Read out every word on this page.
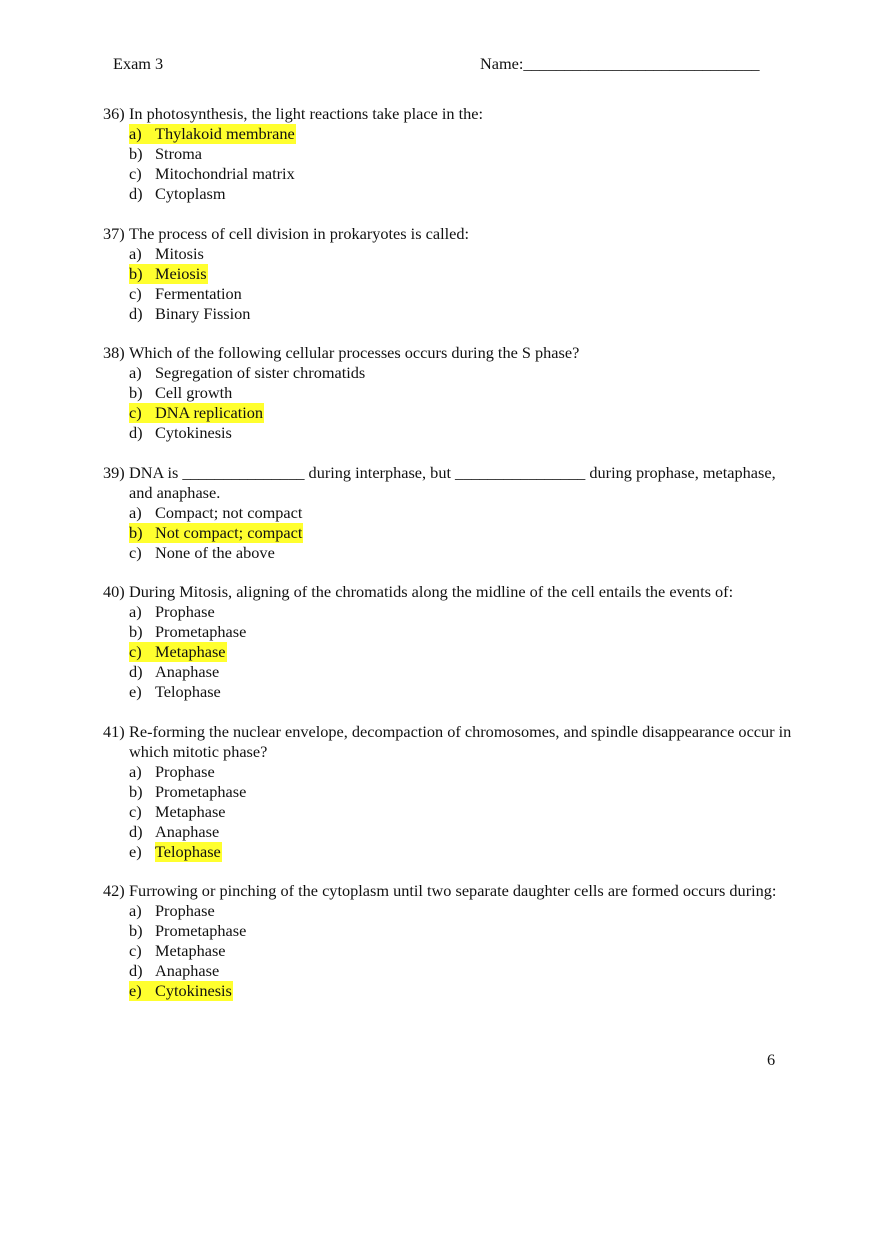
Exam 3	Name:_____________________________
36) In photosynthesis, the light reactions take place in the:
a) Thylakoid membrane
b) Stroma
c) Mitochondrial matrix
d) Cytoplasm
37) The process of cell division in prokaryotes is called:
a) Mitosis
b) Meiosis
c) Fermentation
d) Binary Fission
38) Which of the following cellular processes occurs during the S phase?
a) Segregation of sister chromatids
b) Cell growth
c) DNA replication
d) Cytokinesis
39) DNA is _______________ during interphase, but ________________ during prophase, metaphase, and anaphase.
a) Compact; not compact
b) Not compact; compact
c) None of the above
40) During Mitosis, aligning of the chromatids along the midline of the cell entails the events of:
a) Prophase
b) Prometaphase
c) Metaphase
d) Anaphase
e) Telophase
41) Re-forming the nuclear envelope, decompaction of chromosomes, and spindle disappearance occur in which mitotic phase?
a) Prophase
b) Prometaphase
c) Metaphase
d) Anaphase
e) Telophase
42) Furrowing or pinching of the cytoplasm until two separate daughter cells are formed occurs during:
a) Prophase
b) Prometaphase
c) Metaphase
d) Anaphase
e) Cytokinesis
6
